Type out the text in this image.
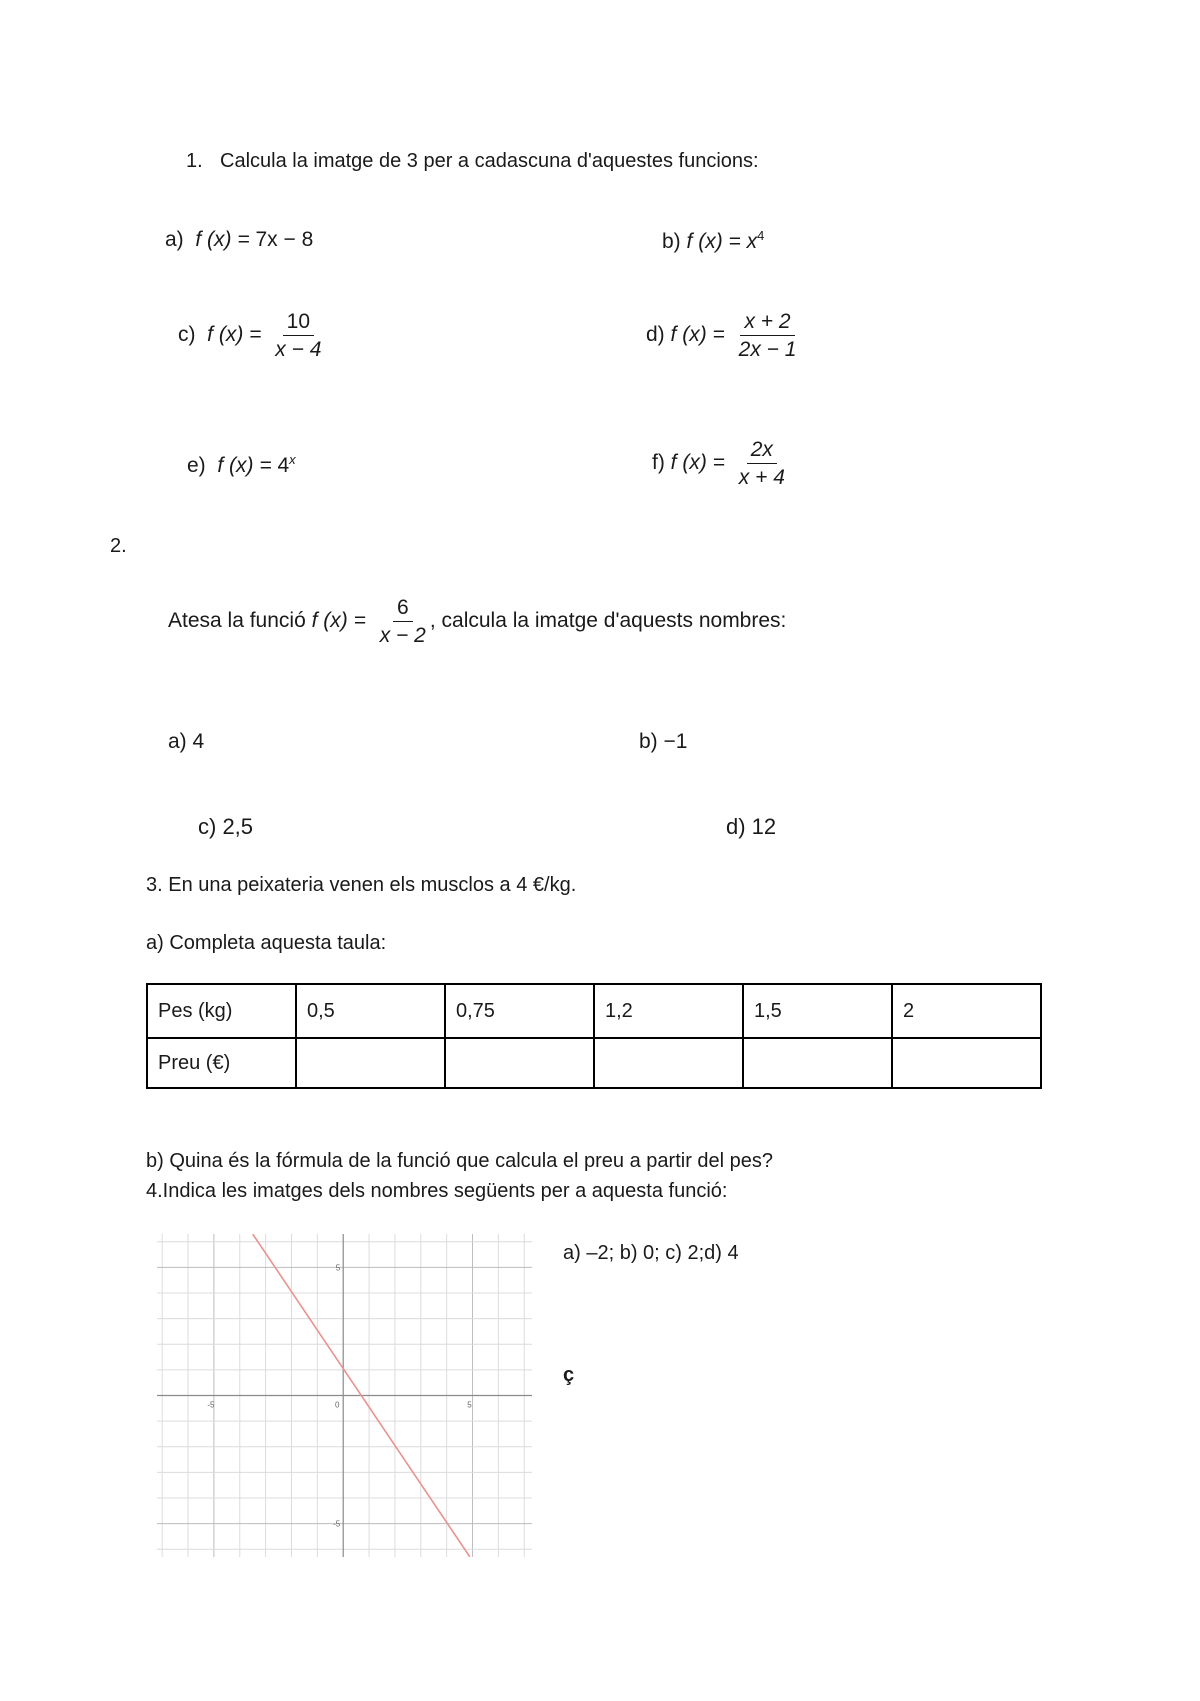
1. Calcula la imatge de 3 per a cadascuna d'aquestes funcions:
a) f (x) = 7x − 8	b) f $(x) = x^4$
c) f $(x) = \frac{10}{x - 4}$	d) f $(x) = \frac{x + 2}{2x - 1}$
e) f $(x) = 4^x$	f) f $(x) = \frac{2x}{x + 4}$
2.
Atesa la funció f $(x) = \frac{6}{x - 2}$ , calcula la imatge d'aquests nombres:
a) 4	b) −1
c) 2,5	d) 12
3. En una peixateria venen els musclos a 4 €/kg.
a) Completa aquesta taula:
Pes (kg)	0,5	0,75	1,2	1,5	2
Preu (€)					
b) Quina és la fórmula de la funció que calcula el preu a partir del pes?
4.Indica les imatges dels nombres següents per a aquesta funció:
a) –2; b) 0; c) 2;d) 4
ç
-5	0	5
5
-5
